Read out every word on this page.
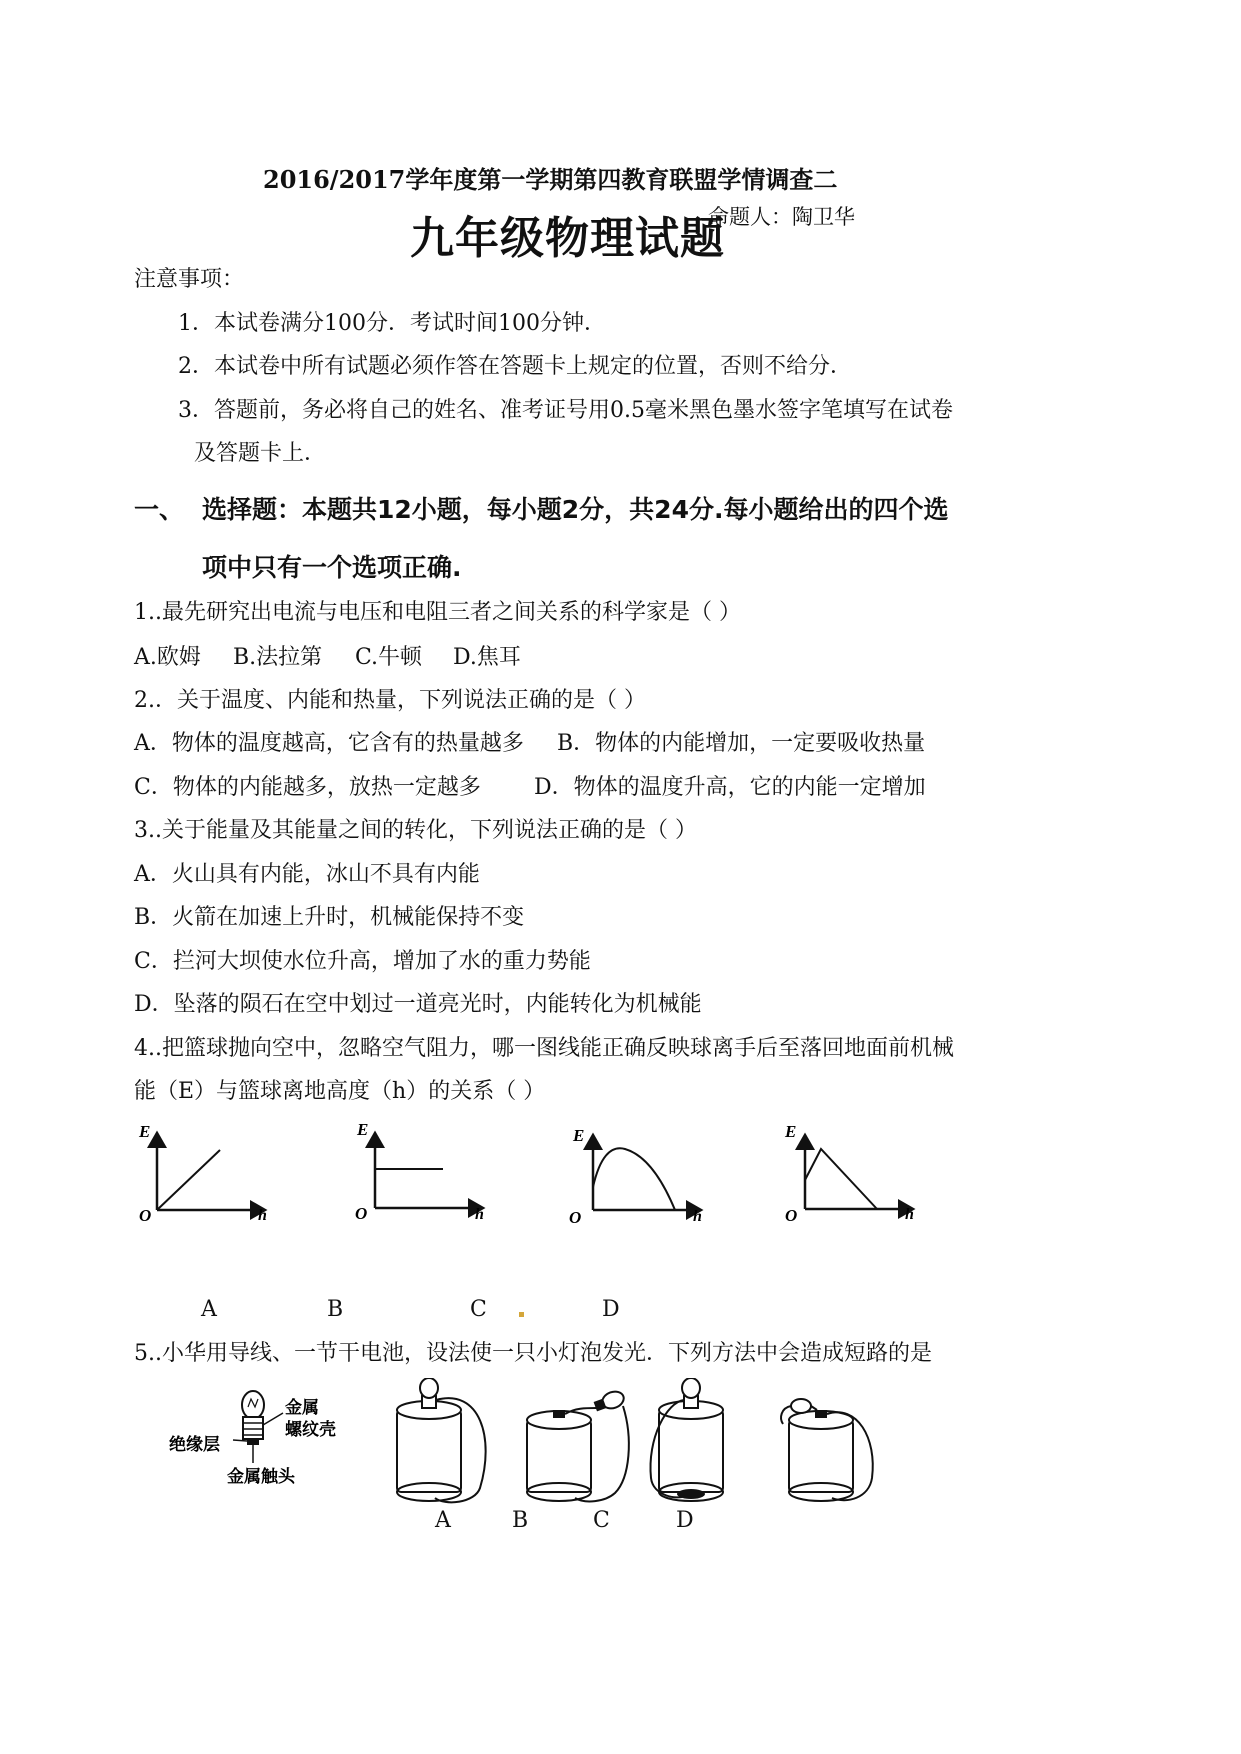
2016/2017学年度第一学期第四教育联盟学情调查二
九年级物理试题
命题人：陶卫华
注意事项：
1．本试卷满分100分．考试时间100分钟．
2．本试卷中所有试题必须作答在答题卡上规定的位置，否则不给分．
3．答题前，务必将自己的姓名、准考证号用0.5毫米黑色墨水签字笔填写在试卷
及答题卡上．
一、 选择题：本题共12小题，每小题2分，共24分.每小题给出的四个选
项中只有一个选项正确.
1..最先研究出电流与电压和电阻三者之间关系的科学家是（ ）
A.欧姆 B.法拉第 C.牛顿 D.焦耳
2.．关于温度、内能和热量，下列说法正确的是（ ）
A．物体的温度越高，它含有的热量越多 B．物体的内能增加，一定要吸收热量
C．物体的内能越多，放热一定越多 D．物体的温度升高，它的内能一定增加
3..关于能量及其能量之间的转化，下列说法正确的是（ ）
A．火山具有内能，冰山不具有内能
B．火箭在加速上升时，机械能保持不变
C．拦河大坝使水位升高，增加了水的重力势能
D．坠落的陨石在空中划过一道亮光时，内能转化为机械能
4..把篮球抛向空中，忽略空气阻力，哪一图线能正确反映球离手后至落回地面前机械
能（E）与篮球离地高度（h）的关系（ ）
E
O	h
E
O	h
E
O	h
E
O	h
A	B	C	D
5..小华用导线、一节干电池，设法使一只小灯泡发光．下列方法中会造成短路的是
金属
螺纹壳
绝缘层
金属触头
A	B	C	D
